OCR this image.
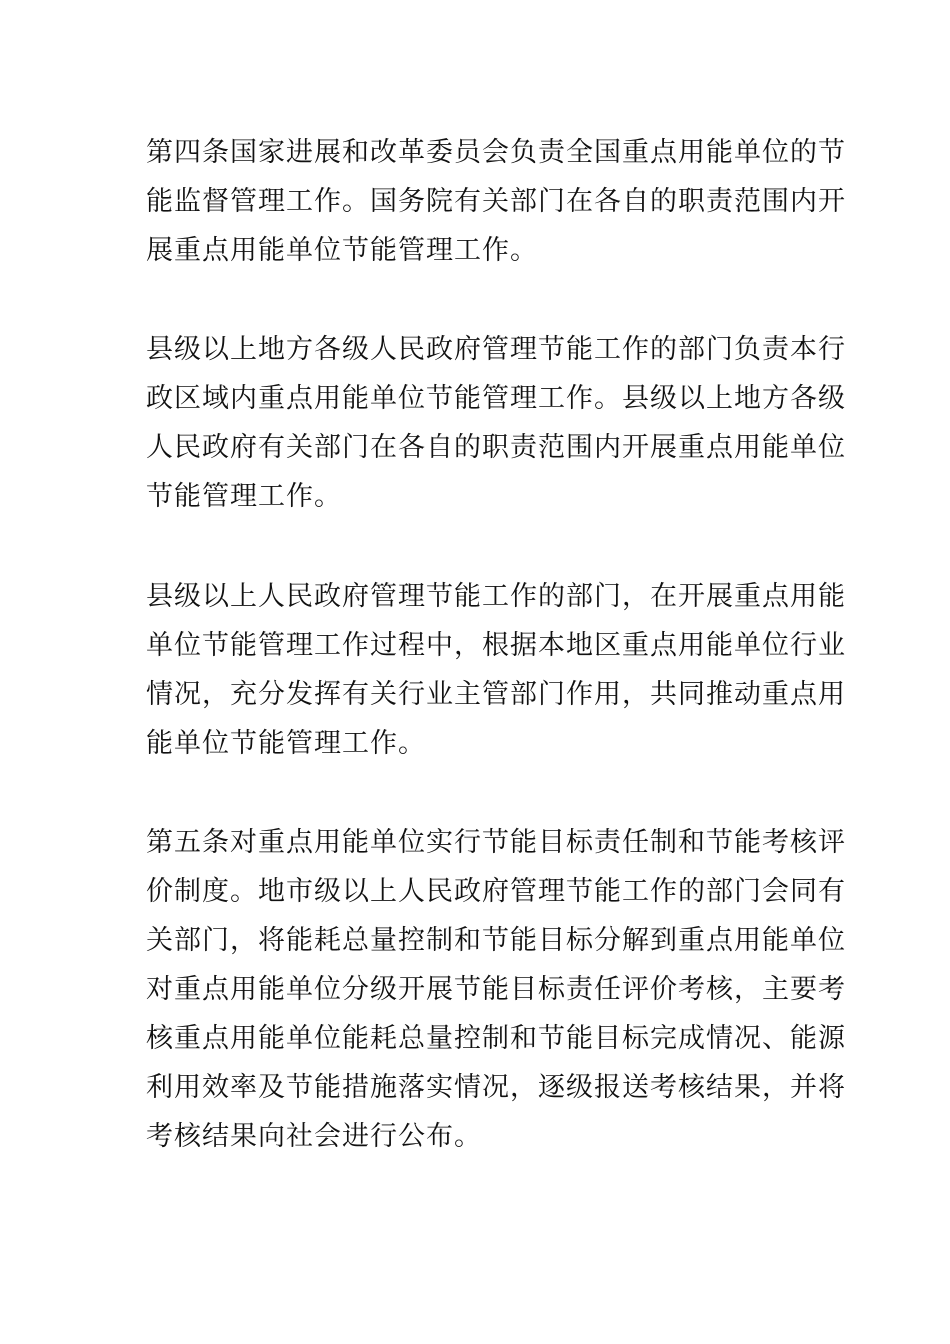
第四条国家进展和改革委员会负责全国重点用能单位的节
能监督管理工作。国务院有关部门在各自的职责范围内开
展重点用能单位节能管理工作。

县级以上地方各级人民政府管理节能工作的部门负责本行
政区域内重点用能单位节能管理工作。县级以上地方各级
人民政府有关部门在各自的职责范围内开展重点用能单位
节能管理工作。

县级以上人民政府管理节能工作的部门，在开展重点用能
单位节能管理工作过程中，根据本地区重点用能单位行业
情况，充分发挥有关行业主管部门作用，共同推动重点用
能单位节能管理工作。

第五条对重点用能单位实行节能目标责任制和节能考核评
价制度。地市级以上人民政府管理节能工作的部门会同有
关部门，将能耗总量控制和节能目标分解到重点用能单位
对重点用能单位分级开展节能目标责任评价考核，主要考
核重点用能单位能耗总量控制和节能目标完成情况、能源
利用效率及节能措施落实情况，逐级报送考核结果，并将
考核结果向社会进行公布。
